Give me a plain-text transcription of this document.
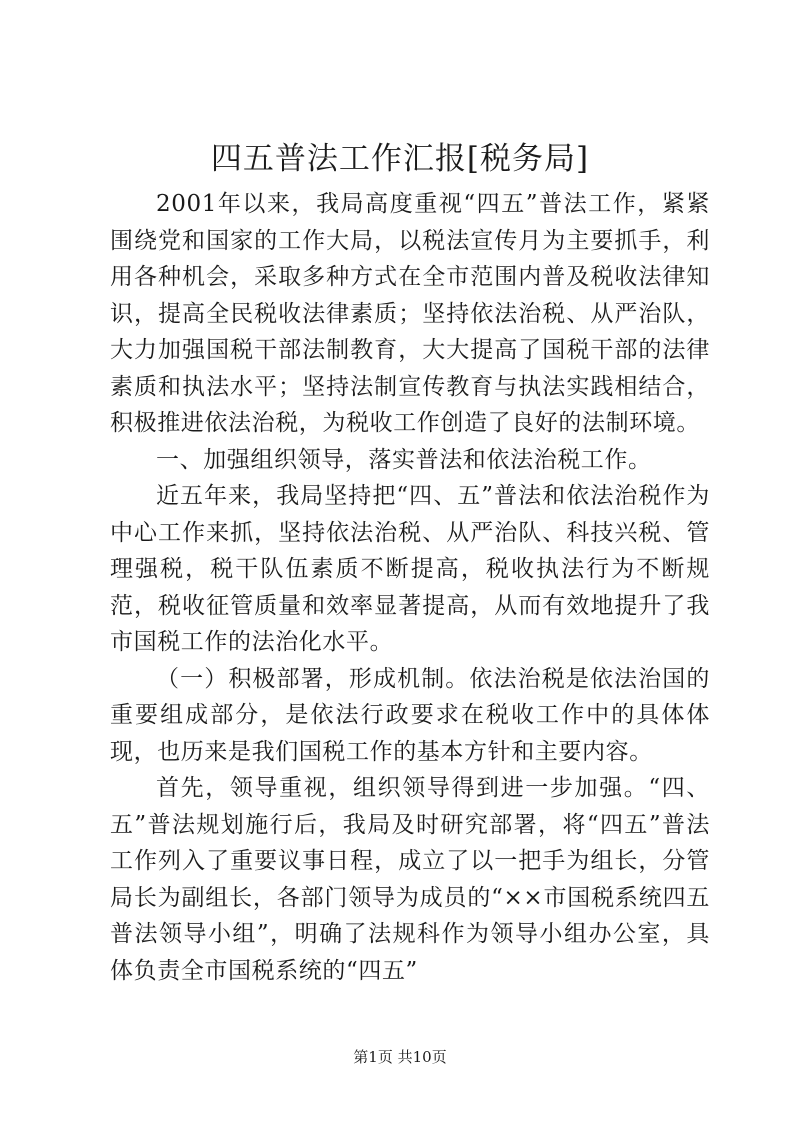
四五普法工作汇报[税务局]

2001年以来，我局高度重视“四五”普法工作，紧紧围绕党和国家的工作大局，以税法宣传月为主要抓手，利用各种机会，采取多种方式在全市范围内普及税收法律知识，提高全民税收法律素质；坚持依法治税、从严治队，大力加强国税干部法制教育，大大提高了国税干部的法律素质和执法水平；坚持法制宣传教育与执法实践相结合，积极推进依法治税，为税收工作创造了良好的法制环境。

一、加强组织领导，落实普法和依法治税工作。

近五年来，我局坚持把“四、五”普法和依法治税作为中心工作来抓，坚持依法治税、从严治队、科技兴税、管理强税，税干队伍素质不断提高，税收执法行为不断规范，税收征管质量和效率显著提高，从而有效地提升了我市国税工作的法治化水平。

（一）积极部署，形成机制。依法治税是依法治国的重要组成部分，是依法行政要求在税收工作中的具体体现，也历来是我们国税工作的基本方针和主要内容。

首先，领导重视，组织领导得到进一步加强。“四、五”普法规划施行后，我局及时研究部署，将“四五”普法工作列入了重要议事日程，成立了以一把手为组长，分管局长为副组长，各部门领导为成员的“××市国税系统四五普法领导小组”，明确了法规科作为领导小组办公室，具体负责全市国税系统的“四五”

第1页 共10页
